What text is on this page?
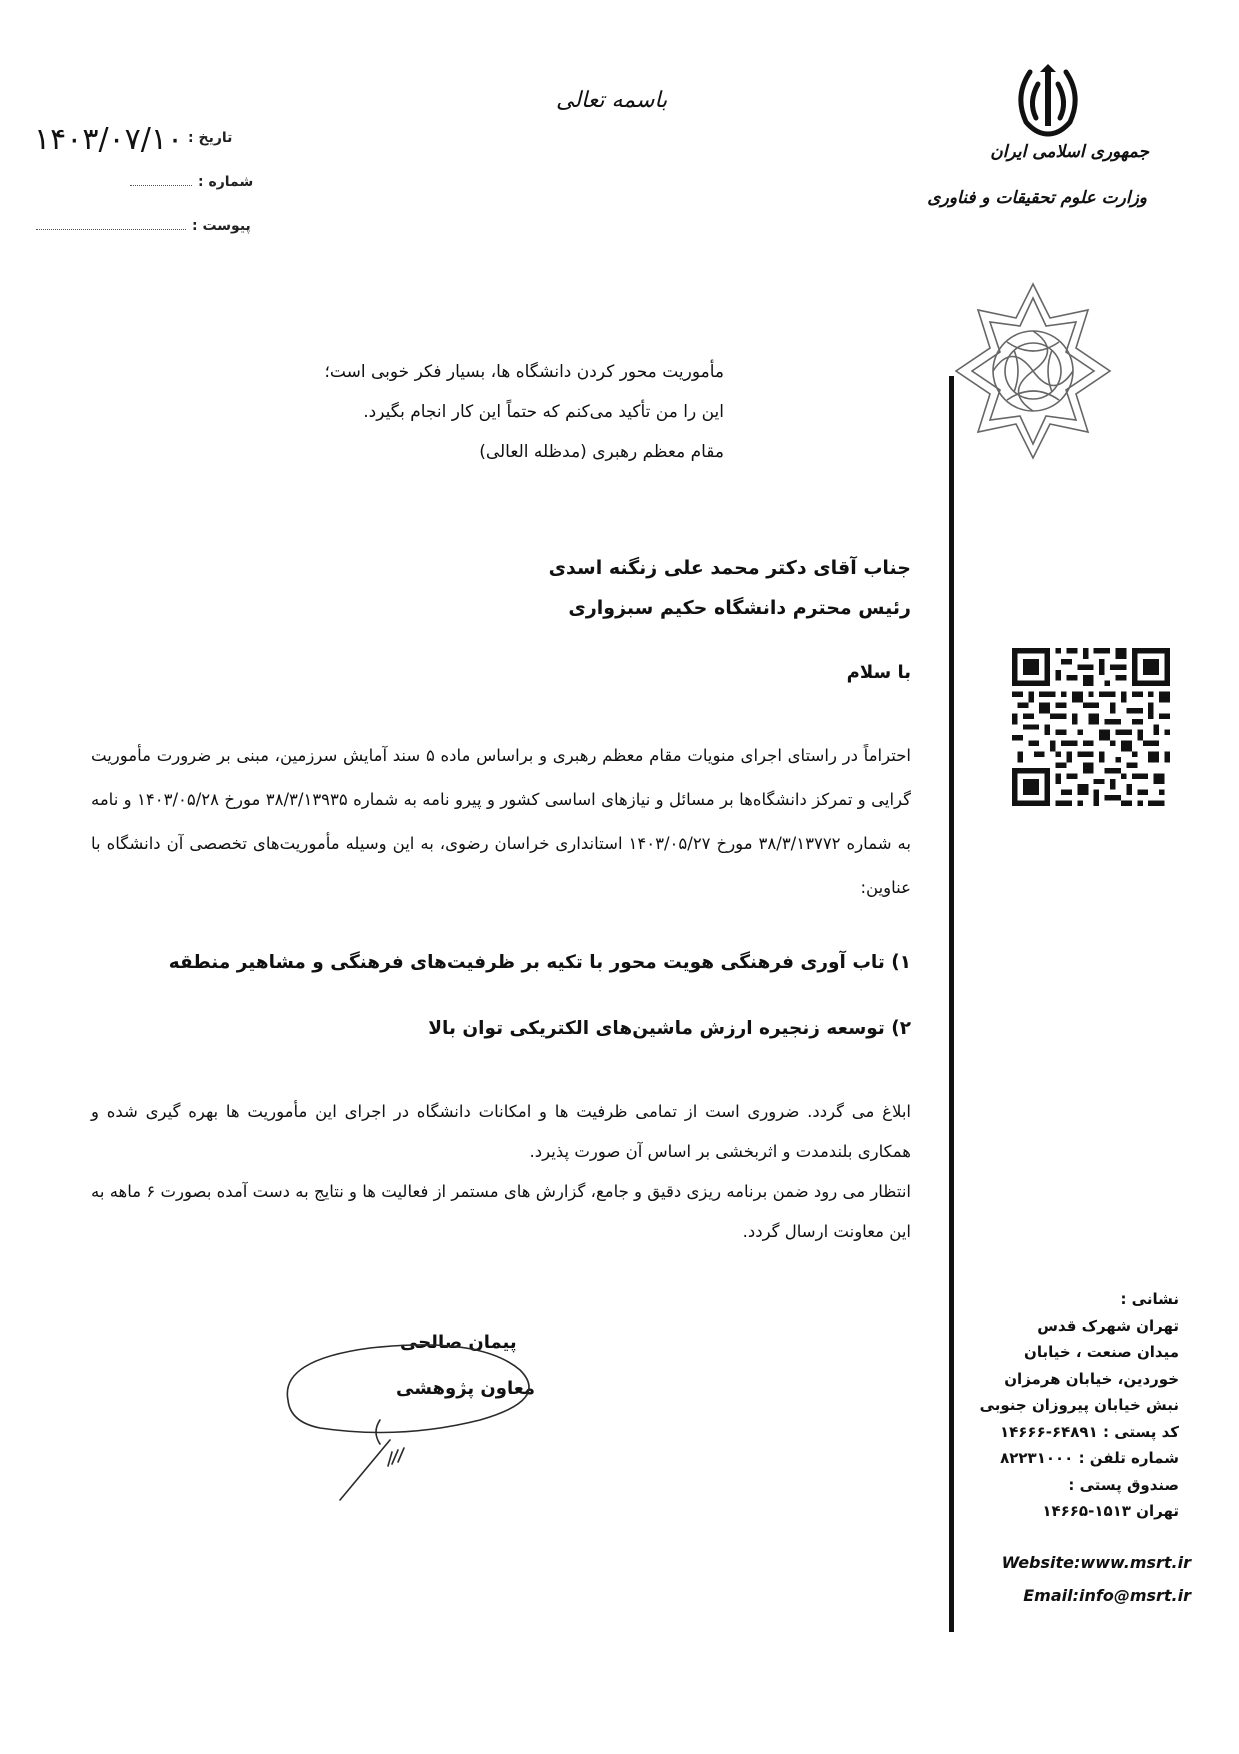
۱۴۰۳/۰۷/۱۰ تاریخ :
شماره :
پیوست :
باسمه تعالی
جمهوری اسلامی ایران
وزارت علوم تحقیقات و فناوری
مأموریت محور کردن دانشگاه ها، بسیار فکر خوبی است؛
این را من تأکید می‌کنم که حتماً این کار انجام بگیرد.
مقام معظم رهبری (مدظله العالی)
جناب آقای دکتر محمد علی زنگنه اسدی
رئیس محترم دانشگاه حکیم سبزواری
با سلام
احتراماً در راستای اجرای منویات مقام معظم رهبری و براساس ماده ۵ سند آمایش سرزمین، مبنی بر ضرورت مأموریت گرایی و تمرکز دانشگاه‌ها بر مسائل و نیازهای اساسی کشور و پیرو نامه به شماره ۳۸/۳/۱۳۹۳۵ مورخ ۱۴۰۳/۰۵/۲۸ و نامه به شماره ۳۸/۳/۱۳۷۷۲ مورخ ۱۴۰۳/۰۵/۲۷ استانداری خراسان رضوی، به این وسیله مأموریت‌های تخصصی آن دانشگاه با عناوین:
۱) تاب آوری فرهنگی هویت محور با تکیه بر ظرفیت‌های فرهنگی و مشاهیر منطقه
۲) توسعه زنجیره ارزش ماشین‌های الکتریکی توان بالا
ابلاغ می گردد. ضروری است از تمامی ظرفیت ها و امکانات دانشگاه در اجرای این مأموریت ها بهره گیری شده و همکاری بلندمدت و اثربخشی بر اساس آن صورت پذیرد.
انتظار می رود ضمن برنامه ریزی دقیق و جامع، گزارش های مستمر از فعالیت ها و نتایج به دست آمده بصورت ۶ ماهه به این معاونت ارسال گردد.
پیمان صالحی
معاون پژوهشی
نشانی :
تهران شهرک قدس
میدان صنعت ، خیابان
خوردین، خیابان هرمزان
نبش خیابان پیروزان جنوبی
کد پستی : ۶۴۸۹۱-۱۴۶۶۶
شماره تلفن : ۸۲۲۳۱۰۰۰
صندوق پستی :
تهران ۱۵۱۳-۱۴۶۶۵
Website:www.msrt.ir
Email:info@msrt.ir
